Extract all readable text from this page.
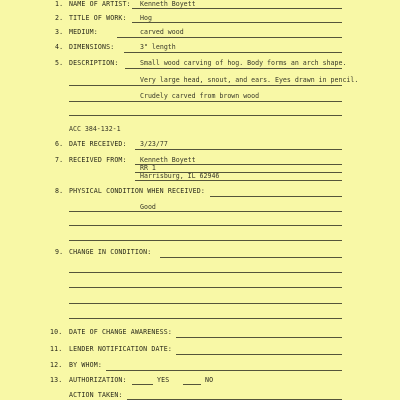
1. NAME OF ARTIST: Kenneth Boyett
2. TITLE OF WORK: Hog
3. MEDIUM:	carved wood
4. DIMENSIONS:	3" length
5. DESCRIPTION:	Small wood carving of hog. Body forms an arch shape.
Very large head, snout, and ears. Eyes drawn in pencil.
Crudely carved from brown wood
ACC 384-132-1
6. DATE RECEIVED: 3/23/77
7. RECEIVED FROM: Kenneth Boyett
RR 1
Harrisburg, IL 62946
8. PHYSICAL CONDITION WHEN RECEIVED:
Good
9. CHANGE IN CONDITION:
10. DATE OF CHANGE AWARENESS:
11. LENDER NOTIFICATION DATE:
12. BY WHOM:
13. AUTHORIZATION:	YES	NO
ACTION TAKEN:
